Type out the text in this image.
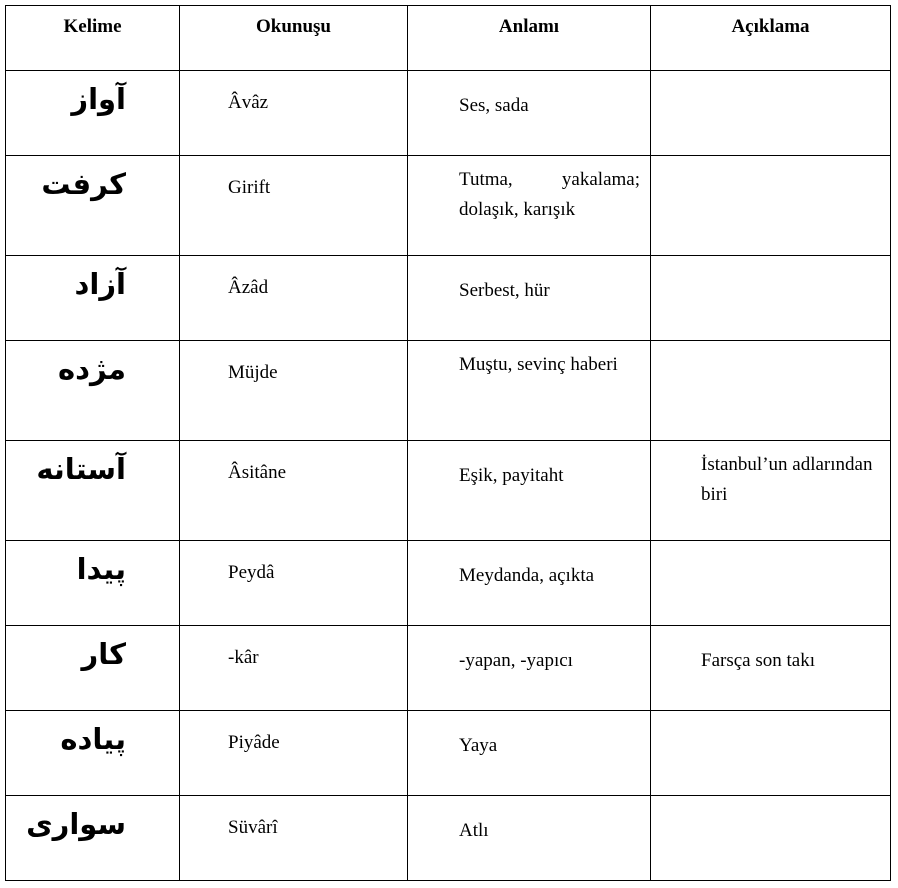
Kelime	Okunuşu	Anlamı	Açıklama

آواز	Âvâz	Ses, sada	

كرفت	Girift	Tutma, yakalama; dolaşık, karışık	

آزاد	Âzâd	Serbest, hür	

مژده	Müjde	Muştu, sevinç haberi	

آستانه	Âsitâne	Eşik, payitaht	İstanbul’un adlarından biri

پيدا	Peydâ	Meydanda, açıkta	

كار	-kâr	-yapan, -yapıcı	Farsça son takı

پياده	Piyâde	Yaya	

سوارى	Süvârî	Atlı	
